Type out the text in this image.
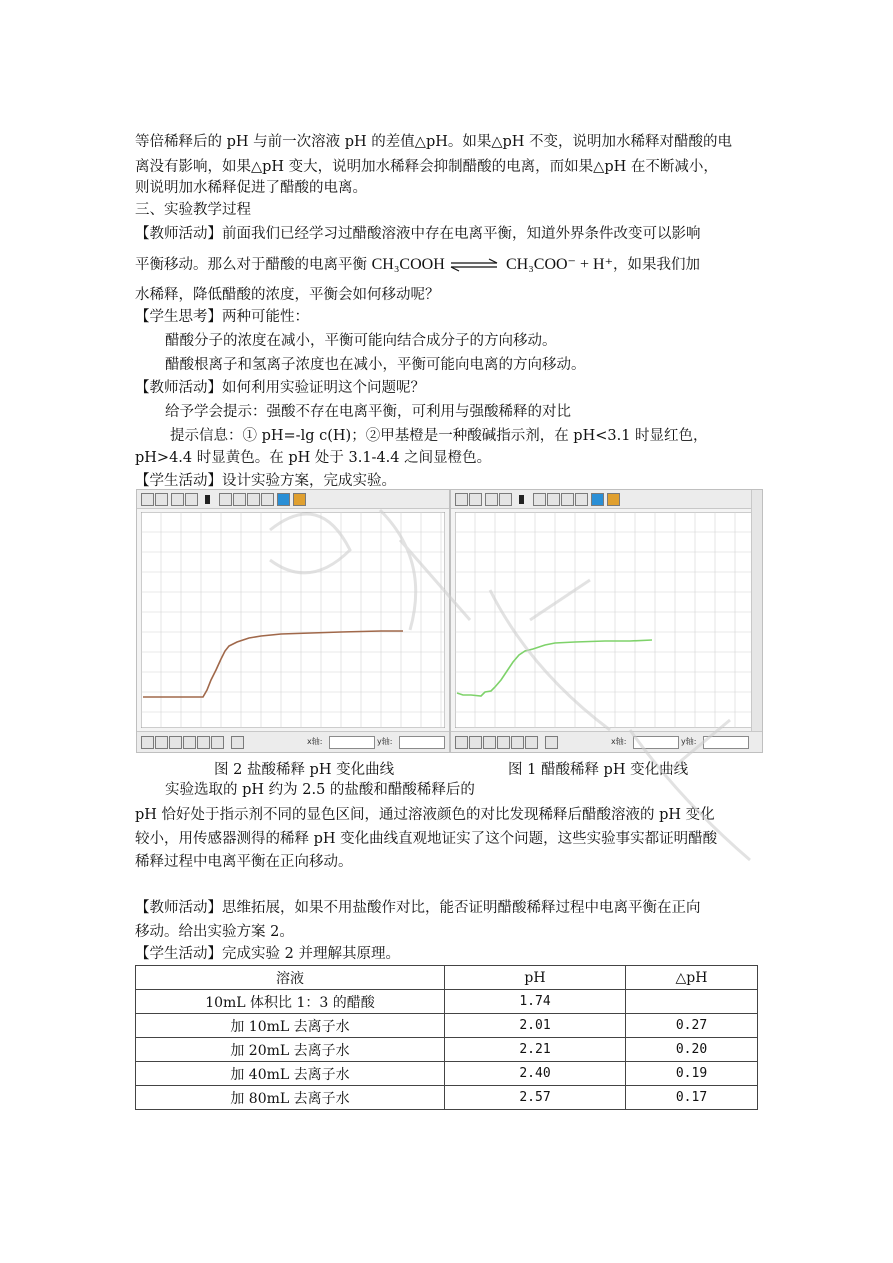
等倍稀释后的 pH 与前一次溶液 pH 的差值△pH。如果△pH 不变，说明加水稀释对醋酸的电
离没有影响，如果△pH 变大，说明加水稀释会抑制醋酸的电离，而如果△pH 在不断减小，
则说明加水稀释促进了醋酸的电离。
三、实验教学过程
【教师活动】前面我们已经学习过醋酸溶液中存在电离平衡，知道外界条件改变可以影响
平衡移动。那么对于醋酸的电离平衡 CH₃COOH ⇌ CH₃COO⁻ + H⁺，如果我们加
水稀释，降低醋酸的浓度，平衡会如何移动呢？
【学生思考】两种可能性：
醋酸分子的浓度在减小，平衡可能向结合成分子的方向移动。
醋酸根离子和氢离子浓度也在减小，平衡可能向电离的方向移动。
【教师活动】如何利用实验证明这个问题呢？
给予学会提示：强酸不存在电离平衡，可利用与强酸稀释的对比
提示信息：① pH=-lg c(H)；②甲基橙是一种酸碱指示剂，在 pH<3.1 时显红色，
pH>4.4 时显黄色。在 pH 处于 3.1-4.4 之间显橙色。
【学生活动】设计实验方案，完成实验。
x轴:	y轴:	x轴:	y轴:
图 2 盐酸稀释 pH 变化曲线	图 1 醋酸稀释 pH 变化曲线
实验选取的 pH 约为 2.5 的盐酸和醋酸稀释后的
pH 恰好处于指示剂不同的显色区间，通过溶液颜色的对比发现稀释后醋酸溶液的 pH 变化
较小，用传感器测得的稀释 pH 变化曲线直观地证实了这个问题，这些实验事实都证明醋酸
稀释过程中电离平衡在正向移动。
【教师活动】思维拓展，如果不用盐酸作对比，能否证明醋酸稀释过程中电离平衡在正向
移动。给出实验方案 2。
【学生活动】完成实验 2 并理解其原理。
溶液	pH	△pH
10mL 体积比 1：3 的醋酸	1.74	
加 10mL 去离子水	2.01	0.27
加 20mL 去离子水	2.21	0.20
加 40mL 去离子水	2.40	0.19
加 80mL 去离子水	2.57	0.17
